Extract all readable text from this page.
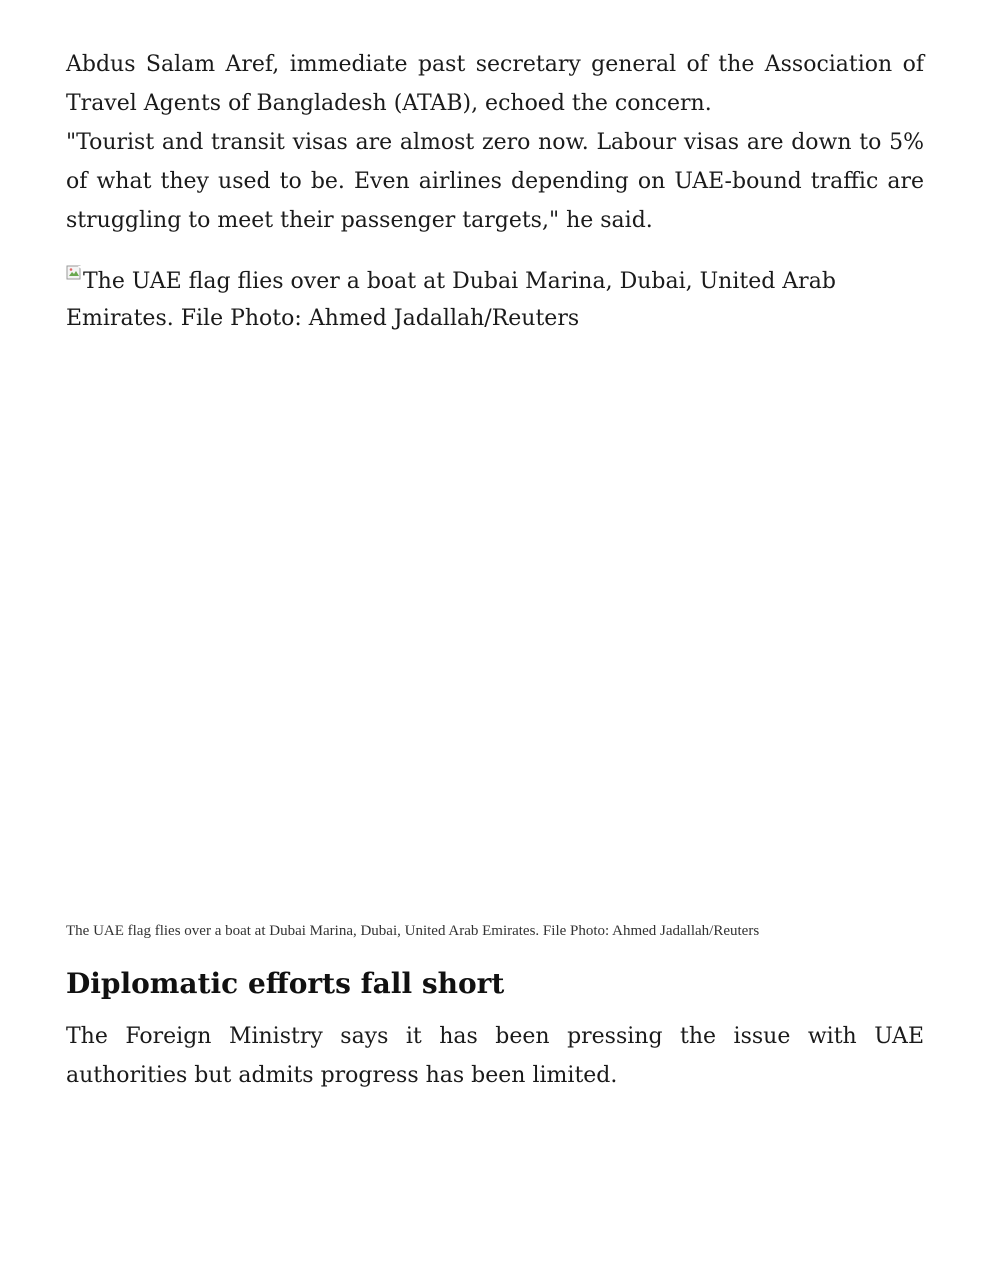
Abdus Salam Aref, immediate past secretary general of the Association of Travel Agents of Bangladesh (ATAB), echoed the concern.

"Tourist and transit visas are almost zero now. Labour visas are down to 5% of what they used to be. Even airlines depending on UAE-bound traffic are struggling to meet their passenger targets," he said.

The UAE flag flies over a boat at Dubai Marina, Dubai, United Arab Emirates. File Photo: Ahmed Jadallah/Reuters

The UAE flag flies over a boat at Dubai Marina, Dubai, United Arab Emirates. File Photo: Ahmed Jadallah/Reuters

Diplomatic efforts fall short

The Foreign Ministry says it has been pressing the issue with UAE authorities but admits progress has been limited.
